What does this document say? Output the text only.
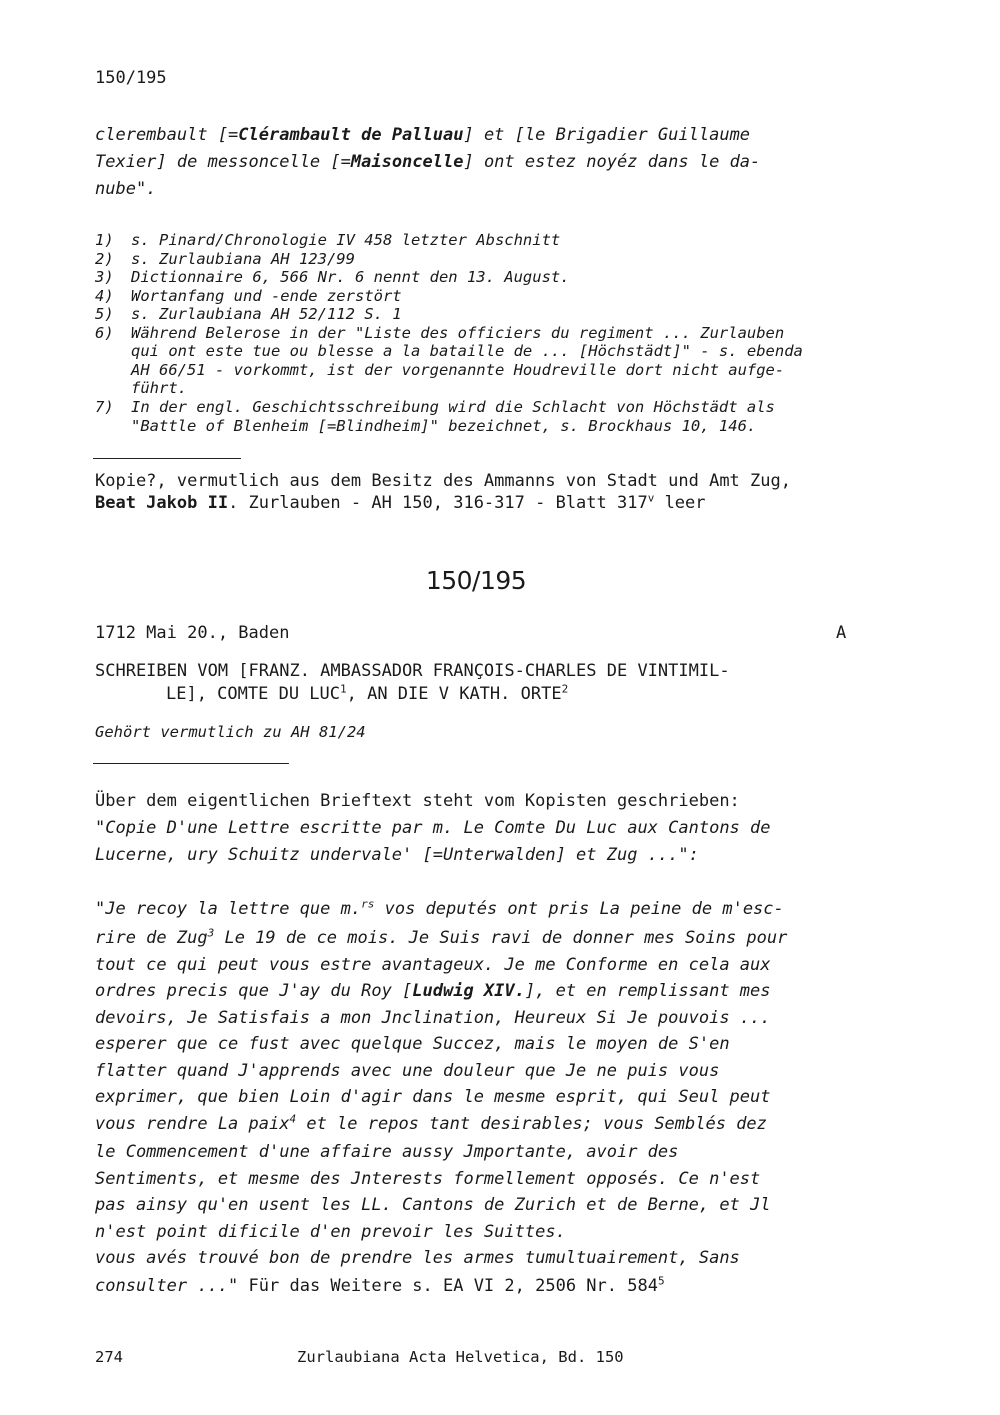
150/195
clerembault [=Clérambault de Palluau] et [le Brigadier Guillaume
Texier] de messoncelle [=Maisoncelle] ont estez noyéz dans le da-
nube".
1) s. Pinard/Chronologie IV 458 letzter Abschnitt
2) s. Zurlaubiana AH 123/99
3) Dictionnaire 6, 566 Nr. 6 nennt den 13. August.
4) Wortanfang und -ende zerstört
5) s. Zurlaubiana AH 52/112 S. 1
6) Während Belerose in der "Liste des officiers du regiment ... Zurlauben
qui ont este tue ou blesse a la bataille de ... [Höchstädt]" - s. ebenda
AH 66/51 - vorkommt, ist der vorgenannte Houdreville dort nicht aufge-
führt.
7) In der engl. Geschichtsschreibung wird die Schlacht von Höchstädt als
"Battle of Blenheim [=Blindheim]" bezeichnet, s. Brockhaus 10, 146.
Kopie?, vermutlich aus dem Besitz des Ammanns von Stadt und Amt Zug,
Beat Jakob II. Zurlauben - AH 150, 316-317 - Blatt 317$^v$ leer
150/195
1712 Mai 20., Baden	A
SCHREIBEN VOM [FRANZ. AMBASSADOR FRANÇOIS-CHARLES DE VINTIMIL-
LE], COMTE DU LUC$^1$, AN DIE V KATH. ORTE$^2$
Gehört vermutlich zu AH 81/24
Über dem eigentlichen Brieftext steht vom Kopisten geschrieben:
"Copie D'une Lettre escritte par m. Le Comte Du Luc aux Cantons de
Lucerne, ury Schuitz undervale' [=Unterwalden] et Zug ...":
"Je recoy la lettre que m.$^{rs}$ vos deputés ont pris La peine de m'esc-
rire de Zug$^3$ Le 19 de ce mois. Je Suis ravi de donner mes Soins pour
tout ce qui peut vous estre avantageux. Je me Conforme en cela aux
ordres precis que J'ay du Roy [Ludwig XIV.], et en remplissant mes
devoirs, Je Satisfais a mon Jnclination, Heureux Si Je pouvois ...
esperer que ce fust avec quelque Succez, mais le moyen de S'en
flatter quand J'apprends avec une douleur que Je ne puis vous
exprimer, que bien Loin d'agir dans le mesme esprit, qui Seul peut
vous rendre La paix$^4$ et le repos tant desirables; vous Semblés dez
le Commencement d'une affaire aussy Jmportante, avoir des
Sentiments, et mesme des Jnterests formellement opposés. Ce n'est
pas ainsy qu'en usent les LL. Cantons de Zurich et de Berne, et Jl
n'est point dificile d'en prevoir les Suittes.
vous avés trouvé bon de prendre les armes tumultuairement, Sans
consulter ..." Für das Weitere s. EA VI 2, 2506 Nr. $584^5$
274	Zurlaubiana Acta Helvetica, Bd. 150
